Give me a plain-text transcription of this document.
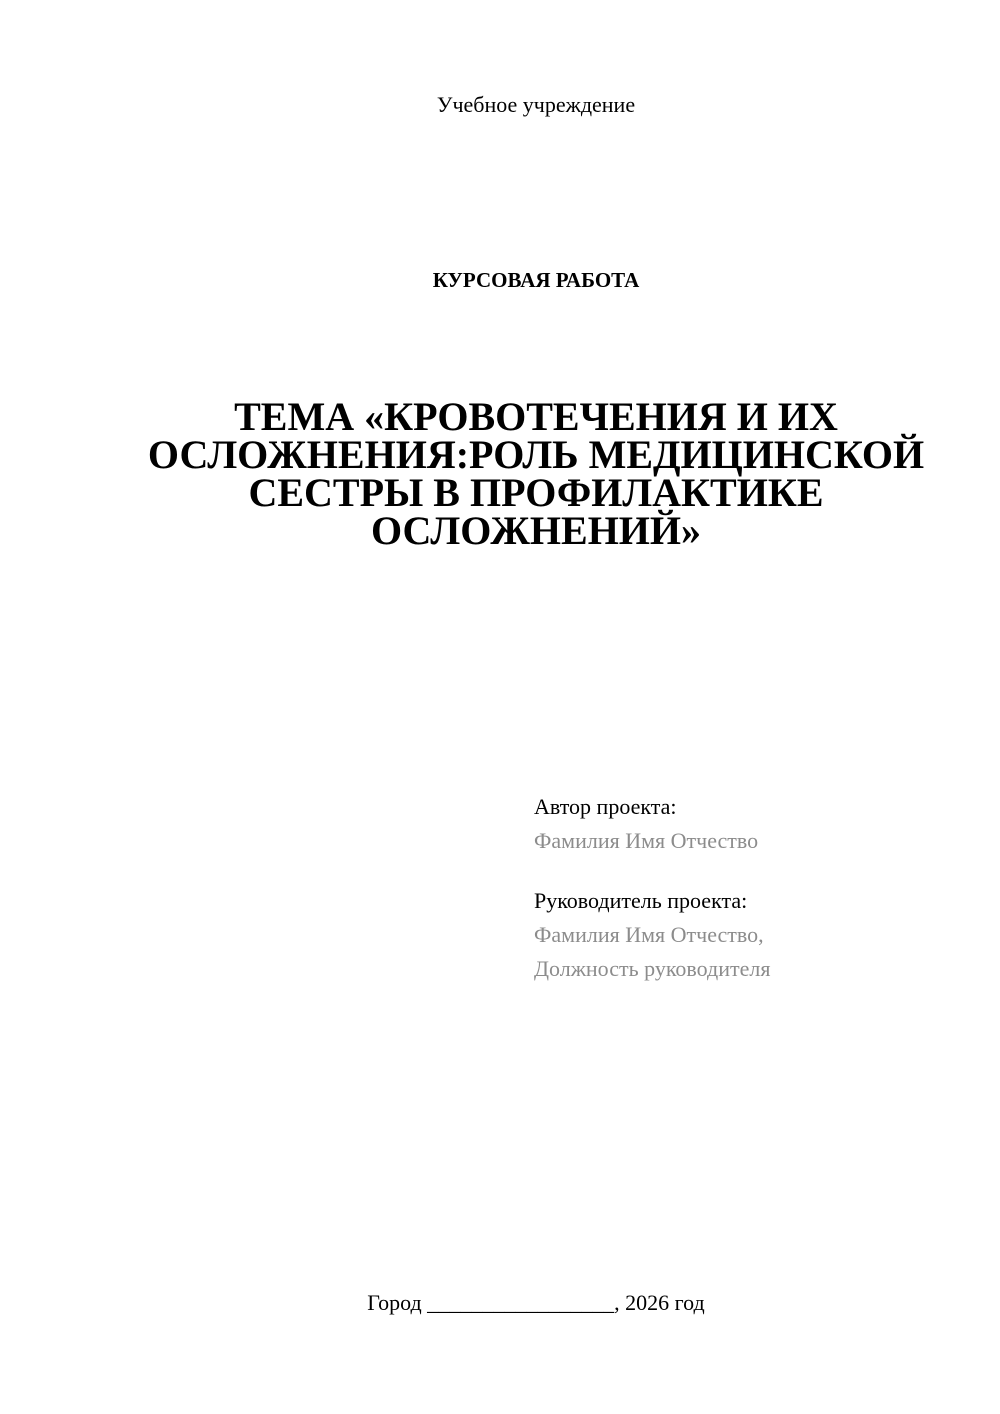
Учебное учреждение
КУРСОВАЯ РАБОТА
ТЕМА «КРОВОТЕЧЕНИЯ И ИХ ОСЛОЖНЕНИЯ:РОЛЬ МЕДИЦИНСКОЙ СЕСТРЫ В ПРОФИЛАКТИКЕ ОСЛОЖНЕНИЙ»
Автор проекта:
Фамилия Имя Отчество
Руководитель проекта:
Фамилия Имя Отчество,
Должность руководителя
Город _________________, 2026 год
